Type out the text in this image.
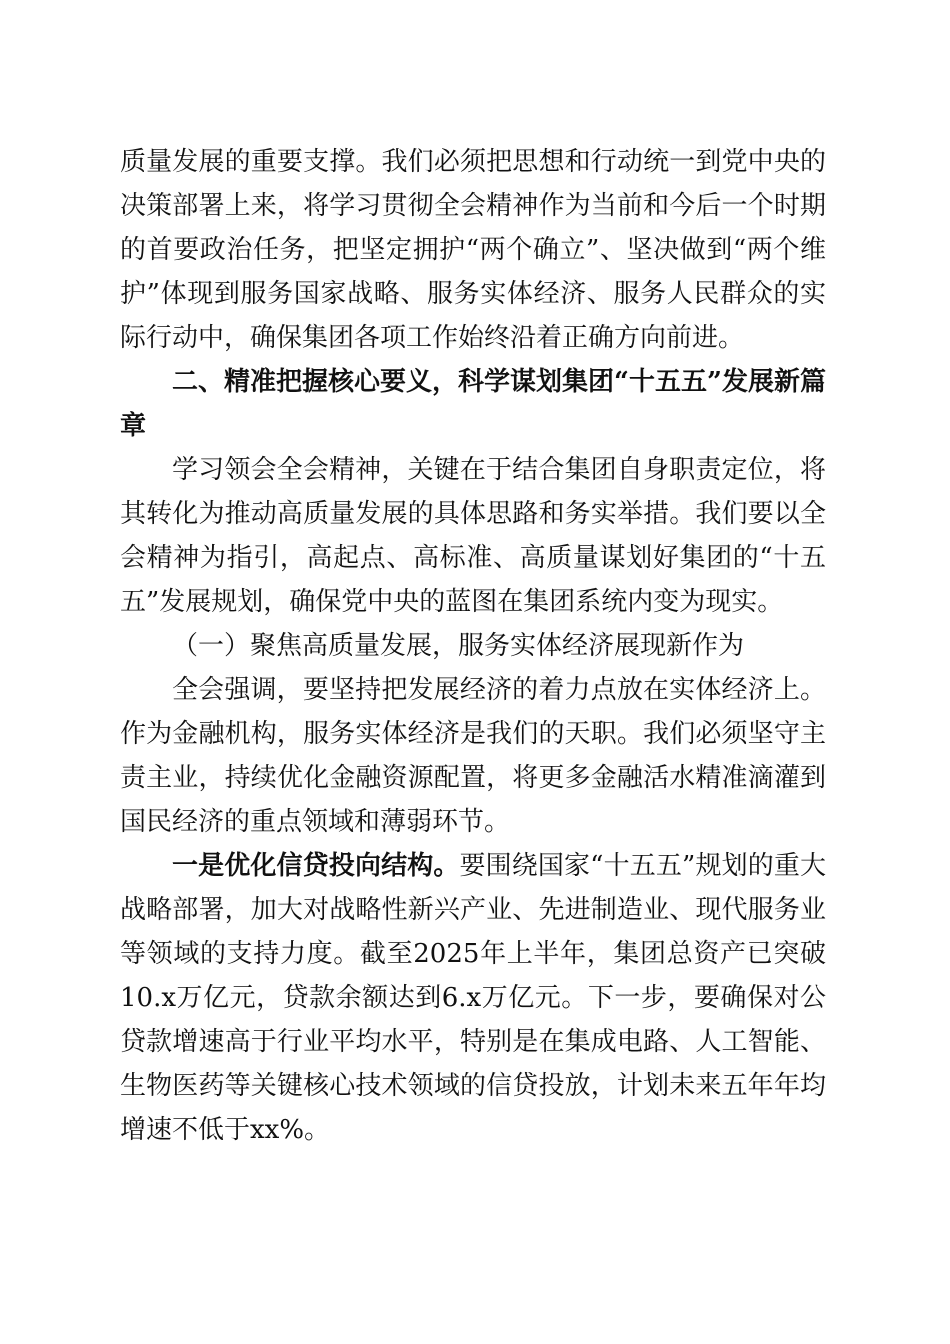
质量发展的重要支撑。我们必须把思想和行动统一到党中央的决策部署上来，将学习贯彻全会精神作为当前和今后一个时期的首要政治任务，把坚定拥护“两个确立”、坚决做到“两个维护”体现到服务国家战略、服务实体经济、服务人民群众的实际行动中，确保集团各项工作始终沿着正确方向前进。

二、精准把握核心要义，科学谋划集团“十五五”发展新篇章

学习领会全会精神，关键在于结合集团自身职责定位，将其转化为推动高质量发展的具体思路和务实举措。我们要以全会精神为指引，高起点、高标准、高质量谋划好集团的“十五五”发展规划，确保党中央的蓝图在集团系统内变为现实。

（一）聚焦高质量发展，服务实体经济展现新作为

全会强调，要坚持把发展经济的着力点放在实体经济上。作为金融机构，服务实体经济是我们的天职。我们必须坚守主责主业，持续优化金融资源配置，将更多金融活水精准滴灌到国民经济的重点领域和薄弱环节。

一是优化信贷投向结构。要围绕国家“十五五”规划的重大战略部署，加大对战略性新兴产业、先进制造业、现代服务业等领域的支持力度。截至2025年上半年，集团总资产已突破10.x万亿元，贷款余额达到6.x万亿元。下一步，要确保对公贷款增速高于行业平均水平，特别是在集成电路、人工智能、生物医药等关键核心技术领域的信贷投放，计划未来五年年均增速不低于xx%。
